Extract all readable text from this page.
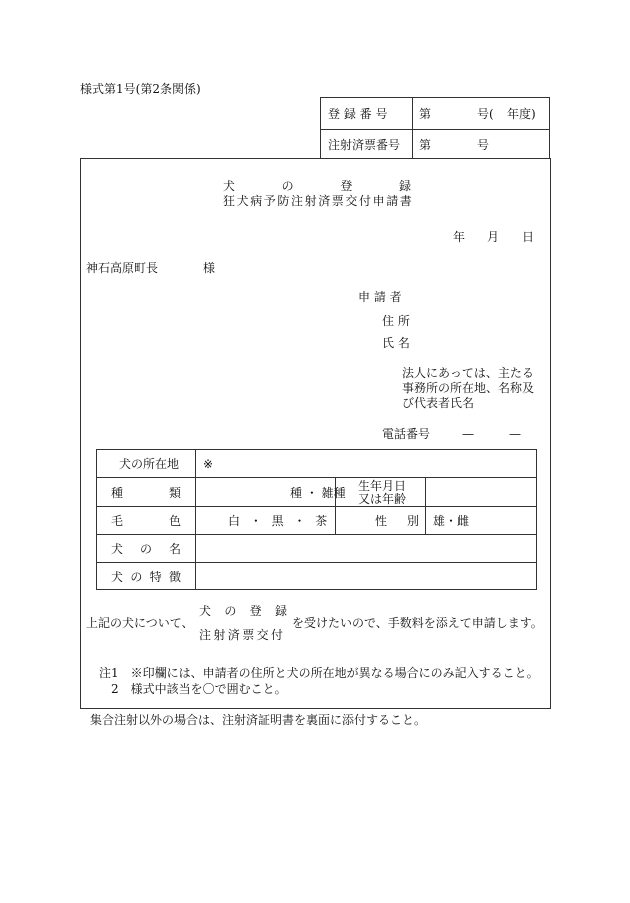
様式第1号(第2条関係)
登 録 番 号	第	号( 年度)
注射済票番号 第	号
犬	の	登	録
狂犬病予防注射済票交付申請書
年 月 日
神石高原町長	様
申 請 者
住 所
氏 名
法人にあっては、主たる
事務所の所在地、名称及
び代表者氏名
電話番号	—	—
犬の所在地 ※
種	類	種 ・ 雑種	生年月日
又は年齢
毛	色	白 ・ 黒 ・ 茶	性 別 雄・雌
犬 の 名
犬 の 特 徴
上記の犬について、
犬 の 登 録
注射済票交付
を受けたいので、手数料を添えて申請します。
注1　※印欄には、申請者の住所と犬の所在地が異なる場合にのみ記入すること。
　2　様式中該当を〇で囲むこと。
集合注射以外の場合は、注射済証明書を裏面に添付すること。
